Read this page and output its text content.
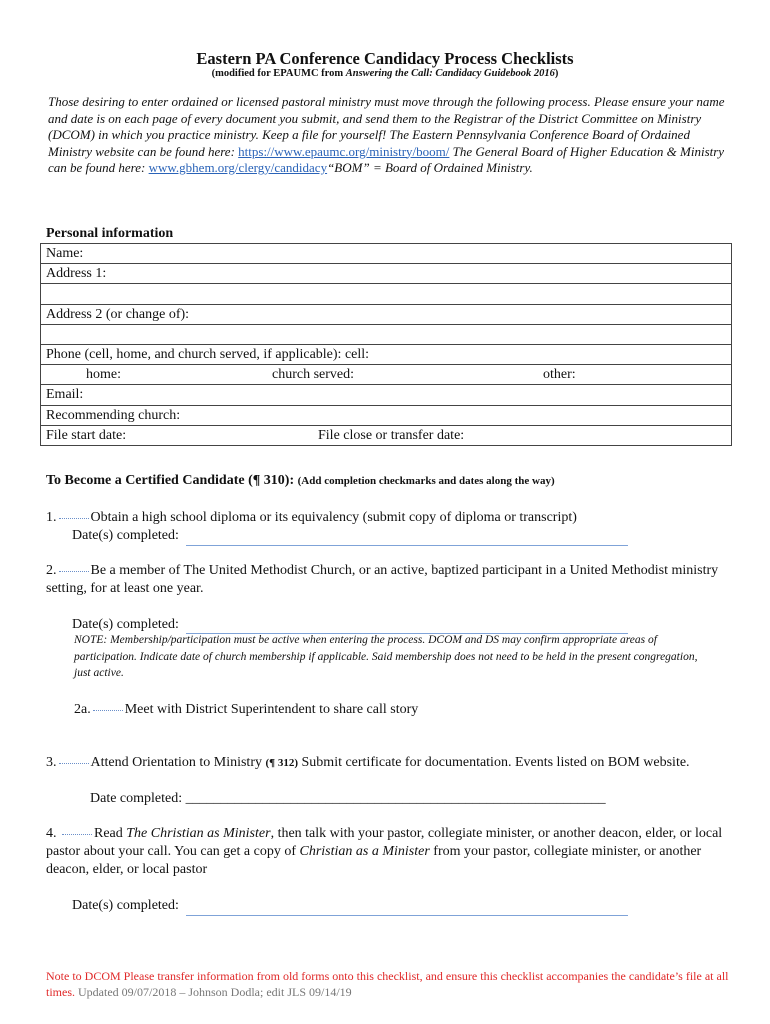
Eastern PA Conference Candidacy Process Checklists
(modified for EPAUMC from Answering the Call: Candidacy Guidebook 2016)
Those desiring to enter ordained or licensed pastoral ministry must move through the following process. Please ensure your name and date is on each page of every document you submit, and send them to the Registrar of the District Committee on Ministry (DCOM) in which you practice ministry. Keep a file for yourself! The Eastern Pennsylvania Conference Board of Ordained Ministry website can be found here: https://www.epaumc.org/ministry/boom/ The General Board of Higher Education & Ministry can be found here: www.gbhem.org/clergy/candidacy“BOM” = Board of Ordained Ministry.
Personal information
Name:
Address 1:

Address 2 (or change of):

Phone (cell, home, and church served, if applicable): cell:

home:	church served:	other:

Email:
Recommending church:

File start date:	File close or transfer date:
To Become a Certified Candidate (¶ 310): (Add completion checkmarks and dates along the way)
1. Obtain a high school diploma or its equivalency (submit copy of diploma or transcript)
Date(s) completed:
2. Be a member of The United Methodist Church, or an active, baptized participant in a United Methodist ministry setting, for at least one year.
Date(s) completed:
NOTE: Membership/participation must be active when entering the process. DCOM and DS may confirm appropriate areas of participation. Indicate date of church membership if applicable. Said membership does not need to be held in the present congregation, just active.
2a. Meet with District Superintendent to share call story
3. Attend Orientation to Ministry (¶ 312) Submit certificate for documentation. Events listed on BOM website.
Date completed: ____________________________________________________________
4.	Read The Christian as Minister, then talk with your pastor, collegiate minister, or another deacon, elder, or local pastor about your call. You can get a copy of Christian as a Minister from your pastor, collegiate minister, or another deacon, elder, or local pastor
Date(s) completed:
Note to DCOM Please transfer information from old forms onto this checklist, and ensure this checklist accompanies the candidate’s file at all times. Updated 09/07/2018 – Johnson Dodla; edit JLS 09/14/19
